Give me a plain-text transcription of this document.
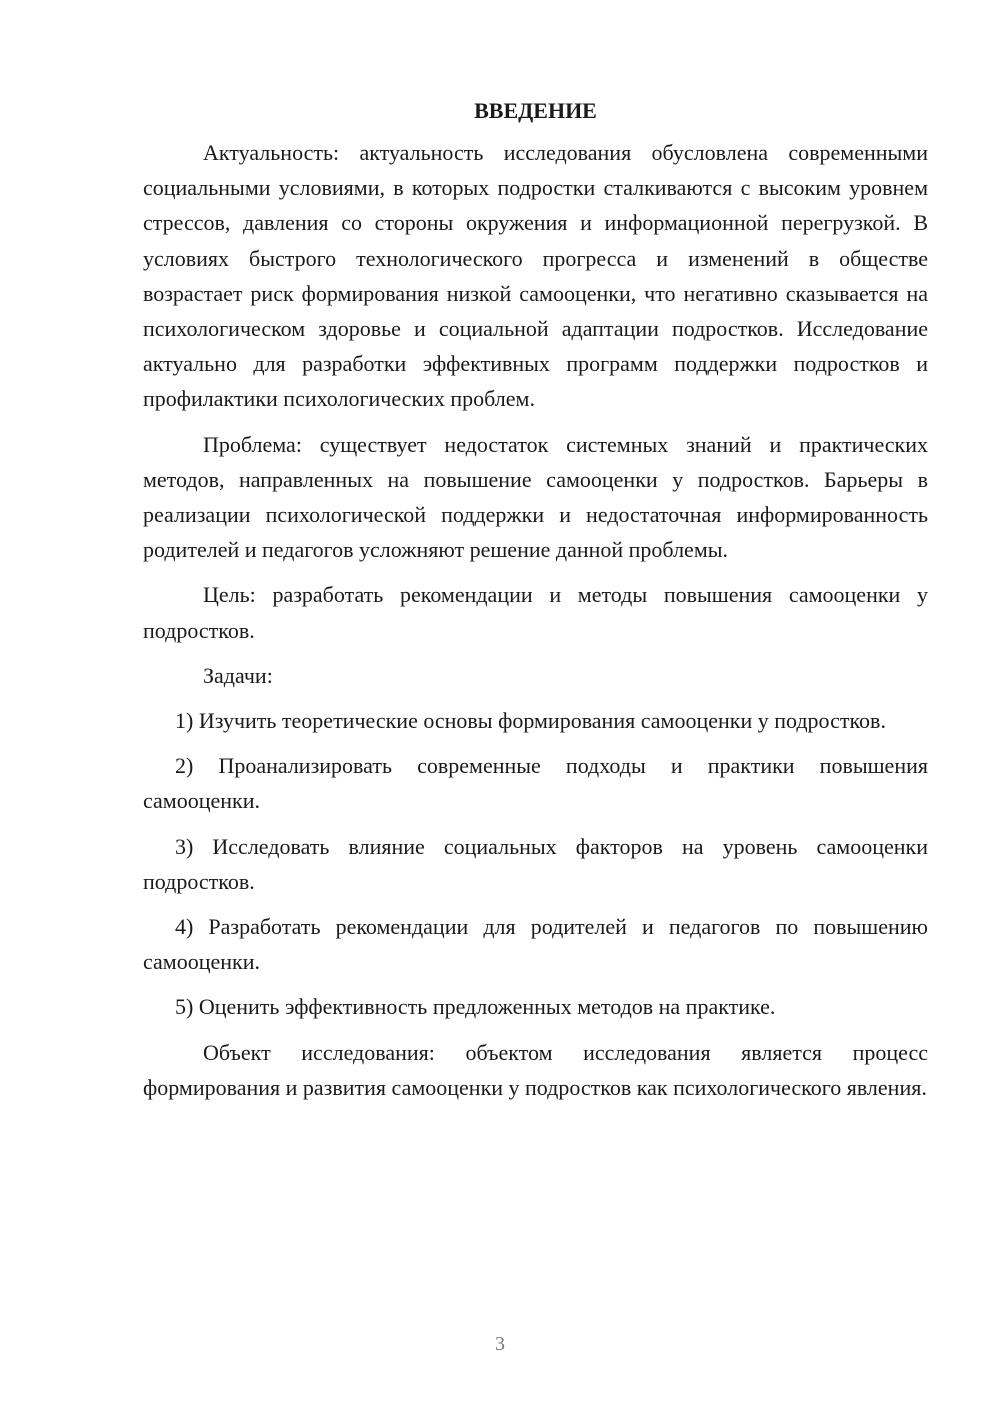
ВВЕДЕНИЕ

Актуальность: актуальность исследования обусловлена современными социальными условиями, в которых подростки сталкиваются с высоким уровнем стрессов, давления со стороны окружения и информационной перегрузкой. В условиях быстрого технологического прогресса и изменений в обществе возрастает риск формирования низкой самооценки, что негативно сказывается на психологическом здоровье и социальной адаптации подростков. Исследование актуально для разработки эффективных программ поддержки подростков и профилактики психологических проблем.

Проблема: существует недостаток системных знаний и практических методов, направленных на повышение самооценки у подростков. Барьеры в реализации психологической поддержки и недостаточная информированность родителей и педагогов усложняют решение данной проблемы.

Цель: разработать рекомендации и методы повышения самооценки у подростков.

Задачи:

1) Изучить теоретические основы формирования самооценки у подростков.

2) Проанализировать современные подходы и практики повышения самооценки.

3) Исследовать влияние социальных факторов на уровень самооценки подростков.

4) Разработать рекомендации для родителей и педагогов по повышению самооценки.

5) Оценить эффективность предложенных методов на практике.

Объект исследования: объектом исследования является процесс формирования и развития самооценки у подростков как психологического явления.

3
